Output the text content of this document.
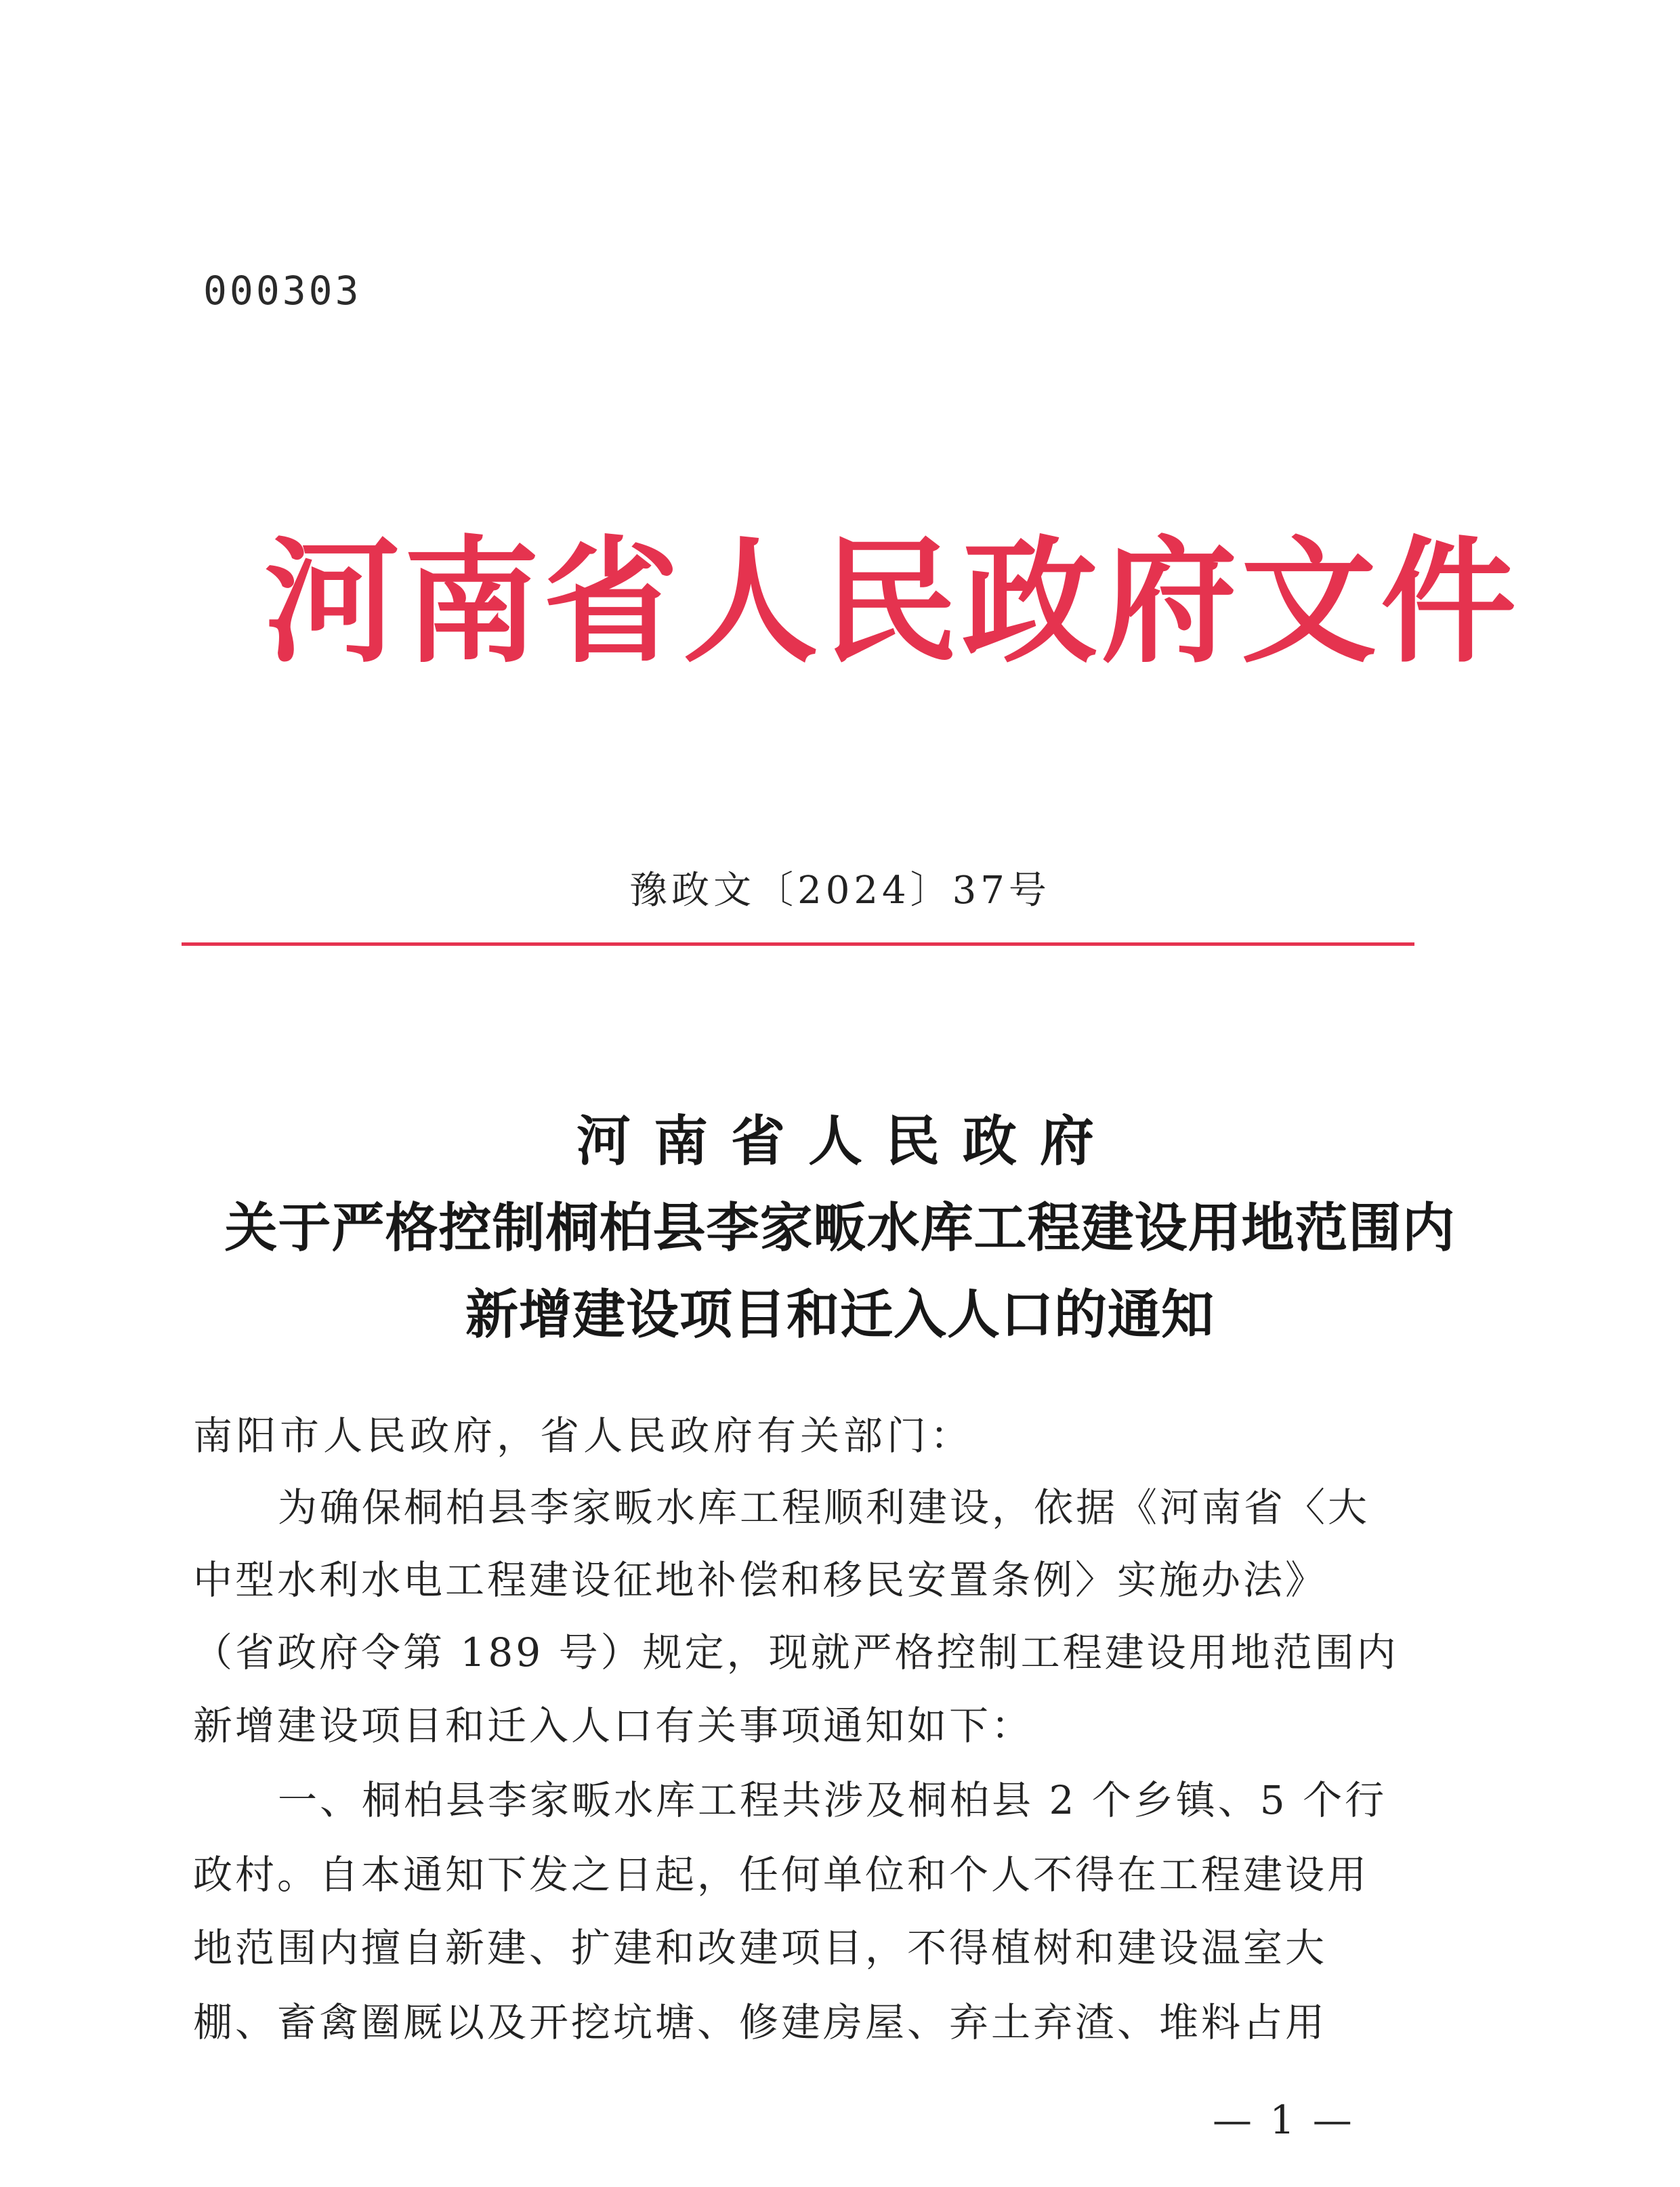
000303
河南省人民政府文件
豫政文〔2024〕37号
河南省人民政府
关于严格控制桐柏县李家畈水库工程建设用地范围内
新增建设项目和迁入人口的通知
南阳市人民政府，省人民政府有关部门：
为确保桐柏县李家畈水库工程顺利建设，依据《河南省〈大
中型水利水电工程建设征地补偿和移民安置条例〉实施办法》
（省政府令第 189 号）规定，现就严格控制工程建设用地范围内
新增建设项目和迁入人口有关事项通知如下：
一、桐柏县李家畈水库工程共涉及桐柏县 2 个乡镇、5 个行
政村。自本通知下发之日起，任何单位和个人不得在工程建设用
地范围内擅自新建、扩建和改建项目，不得植树和建设温室大
棚、畜禽圈厩以及开挖坑塘、修建房屋、弃土弃渣、堆料占用
— 1 —
